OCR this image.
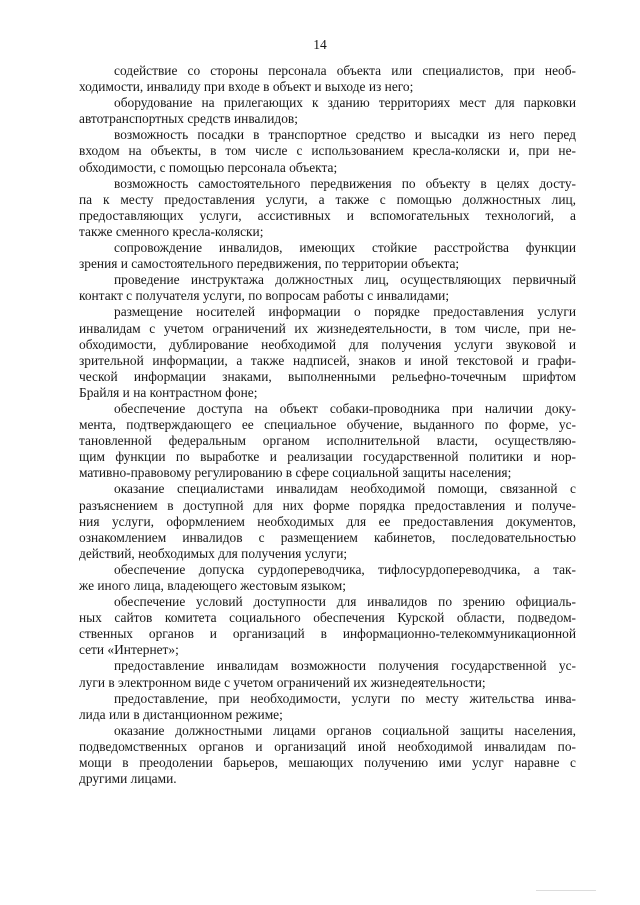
14
содействие со стороны персонала объекта или специалистов, при необ-
ходимости, инвалиду при входе в объект и выходе из него;
оборудование на прилегающих к зданию территориях мест для парковки
автотранспортных средств инвалидов;
возможность посадки в транспортное средство и высадки из него перед
входом на объекты, в том числе с использованием кресла-коляски и, при не-
обходимости, с помощью персонала объекта;
возможность самостоятельного передвижения по объекту в целях досту-
па к месту предоставления услуги, а также с помощью должностных лиц,
предоставляющих услуги, ассистивных и вспомогательных технологий, а
также сменного кресла-коляски;
сопровождение инвалидов, имеющих стойкие расстройства функции
зрения и самостоятельного передвижения, по территории объекта;
проведение инструктажа должностных лиц, осуществляющих первичный
контакт с получателя услуги, по вопросам работы с инвалидами;
размещение носителей информации о порядке предоставления услуги
инвалидам с учетом ограничений их жизнедеятельности, в том числе, при не-
обходимости, дублирование необходимой для получения услуги звуковой и
зрительной информации, а также надписей, знаков и иной текстовой и графи-
ческой информации знаками, выполненными рельефно-точечным шрифтом
Брайля и на контрастном фоне;
обеспечение доступа на объект собаки-проводника при наличии доку-
мента, подтверждающего ее специальное обучение, выданного по форме, ус-
тановленной федеральным органом исполнительной власти, осуществляю-
щим функции по выработке и реализации государственной политики и нор-
мативно-правовому регулированию в сфере социальной защиты населения;
оказание специалистами инвалидам необходимой помощи, связанной с
разъяснением в доступной для них форме порядка предоставления и получе-
ния услуги, оформлением необходимых для ее предоставления документов,
ознакомлением инвалидов с размещением кабинетов, последовательностью
действий, необходимых для получения услуги;
обеспечение допуска сурдопереводчика, тифлосурдопереводчика, а так-
же иного лица, владеющего жестовым языком;
обеспечение условий доступности для инвалидов по зрению официаль-
ных сайтов комитета социального обеспечения Курской области, подведом-
ственных органов и организаций в информационно-телекоммуникационной
сети «Интернет»;
предоставление инвалидам возможности получения государственной ус-
луги в электронном виде с учетом ограничений их жизнедеятельности;
предоставление, при необходимости, услуги по месту жительства инва-
лида или в дистанционном режиме;
оказание должностными лицами органов социальной защиты населения,
подведомственных органов и организаций иной необходимой инвалидам по-
мощи в преодолении барьеров, мешающих получению ими услуг наравне с
другими лицами.
